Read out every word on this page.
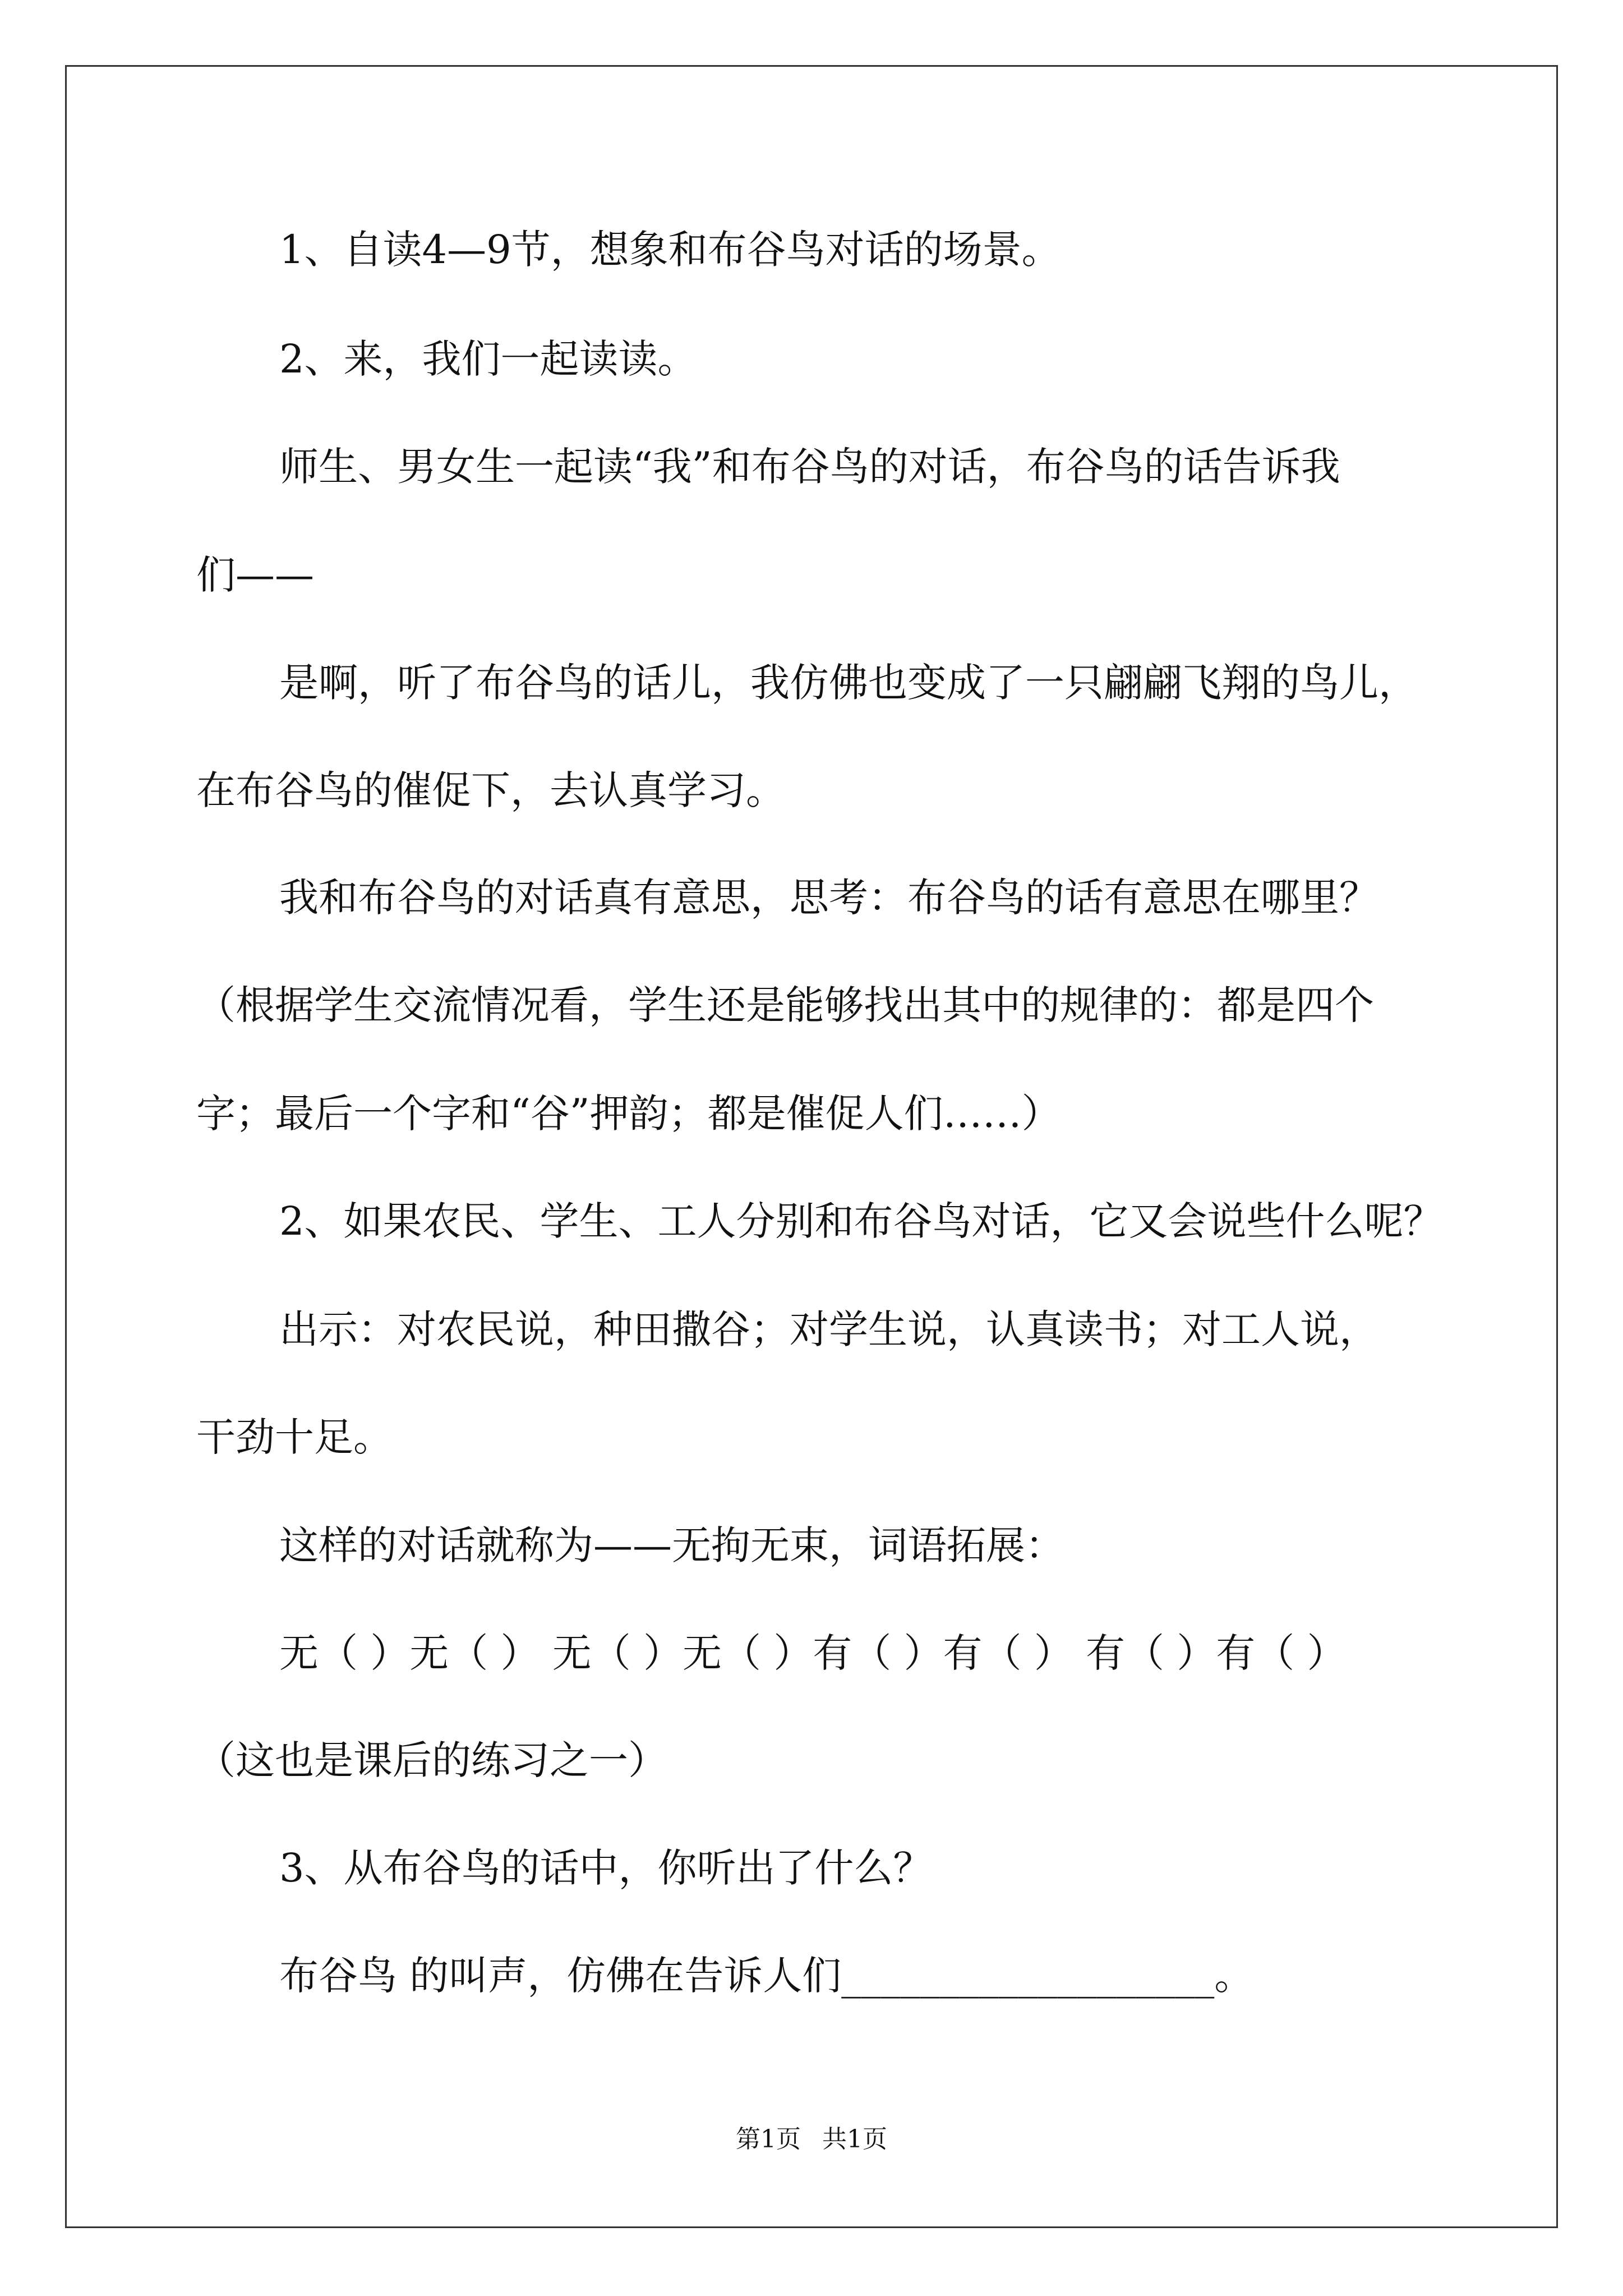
1、自读4—9节，想象和布谷鸟对话的场景。

2、来，我们一起读读。

师生、男女生一起读“我”和布谷鸟的对话，布谷鸟的话告诉我

们——

是啊，听了布谷鸟的话儿，我仿佛也变成了一只翩翩飞翔的鸟儿，

在布谷鸟的催促下，去认真学习。

我和布谷鸟的对话真有意思，思考：布谷鸟的话有意思在哪里？

（根据学生交流情况看，学生还是能够找出其中的规律的：都是四个

字；最后一个字和“谷”押韵；都是催促人们……）

2、如果农民、学生、工人分别和布谷鸟对话，它又会说些什么呢？

出示：对农民说，种田撒谷；对学生说，认真读书；对工人说，

干劲十足。

这样的对话就称为——无拘无束，词语拓展：

无（ ）无（ ） 无（ ）无（ ）有（ ）有（ ） 有（ ）有（ ）

（这也是课后的练习之一）

3、从布谷鸟的话中，你听出了什么？

布谷鸟 的叫声，仿佛在告诉人们___________________。

第1页 共1页
